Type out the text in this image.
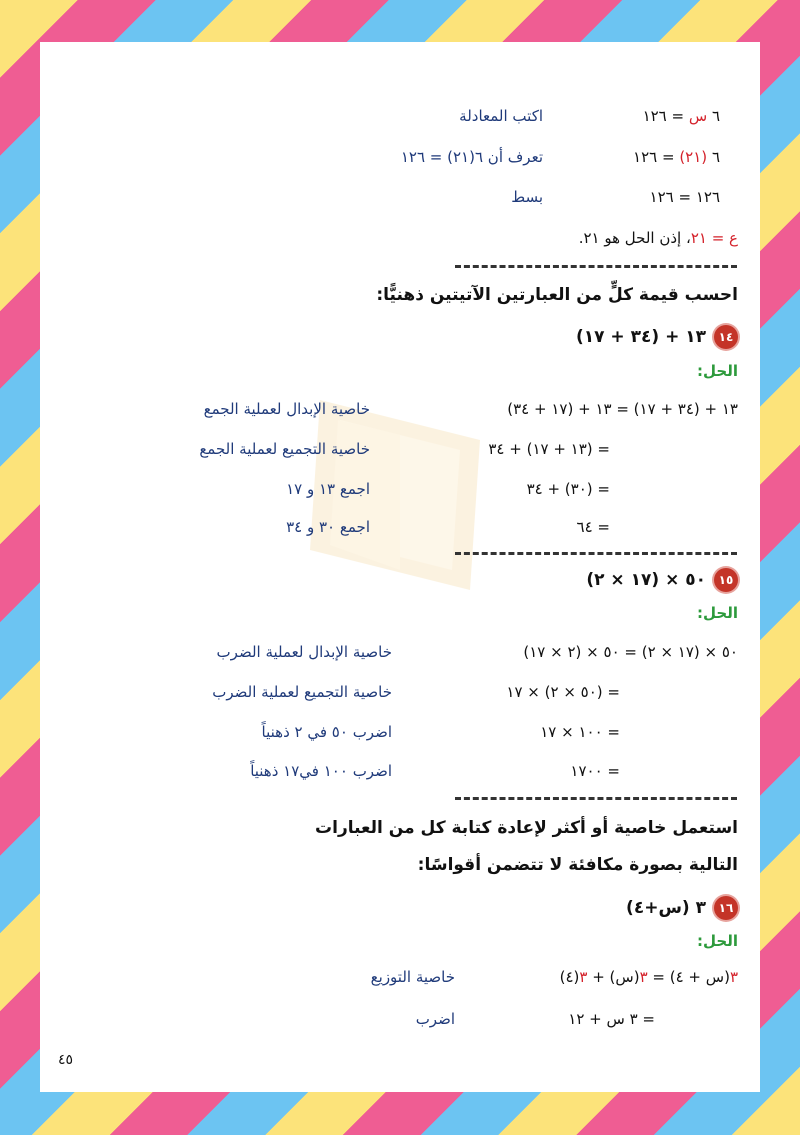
٦ س = ١٢٦
اكتب المعادلة
٦ (٢١) = ١٢٦
تعرف أن ٦(٢١) = ١٢٦
١٢٦ = ١٢٦
بسط
ع = ٢١، إذن الحل هو ٢١.
احسب قيمة كلٍّ من العبارتين الآتيتين ذهنيًّا:
١٤١٣ + (٣٤ + ١٧)
الحل:
١٣ + (٣٤ + ١٧) = ١٣ + (١٧ + ٣٤)
خاصية الإبدال لعملية الجمع
= (١٣ + ١٧) + ٣٤
خاصية التجميع لعملية الجمع
= (٣٠) + ٣٤
اجمع ١٣ و ١٧
= ٦٤
اجمع ٣٠ و ٣٤
١٥٥٠ × (١٧ × ٢)
الحل:
٥٠ × (١٧ × ٢) = ٥٠ × (٢ × ١٧)
خاصية الإبدال لعملية الضرب
= (٥٠ × ٢) × ١٧
خاصية التجميع لعملية الضرب
= ١٠٠ × ١٧
اضرب ٥٠ في ٢ ذهنياً
= ١٧٠٠
اضرب ١٠٠ في١٧ ذهنياً
استعمل خاصية أو أكثر لإعادة كتابة كل من العبارات
التالية بصورة مكافئة لا تتضمن أقواسًا:
١٦٣ (س+٤)
الحل:
٣(س + ٤) = ٣(س) + ٣(٤)
خاصية التوزيع
= ٣ س + ١٢
اضرب
٤٥
